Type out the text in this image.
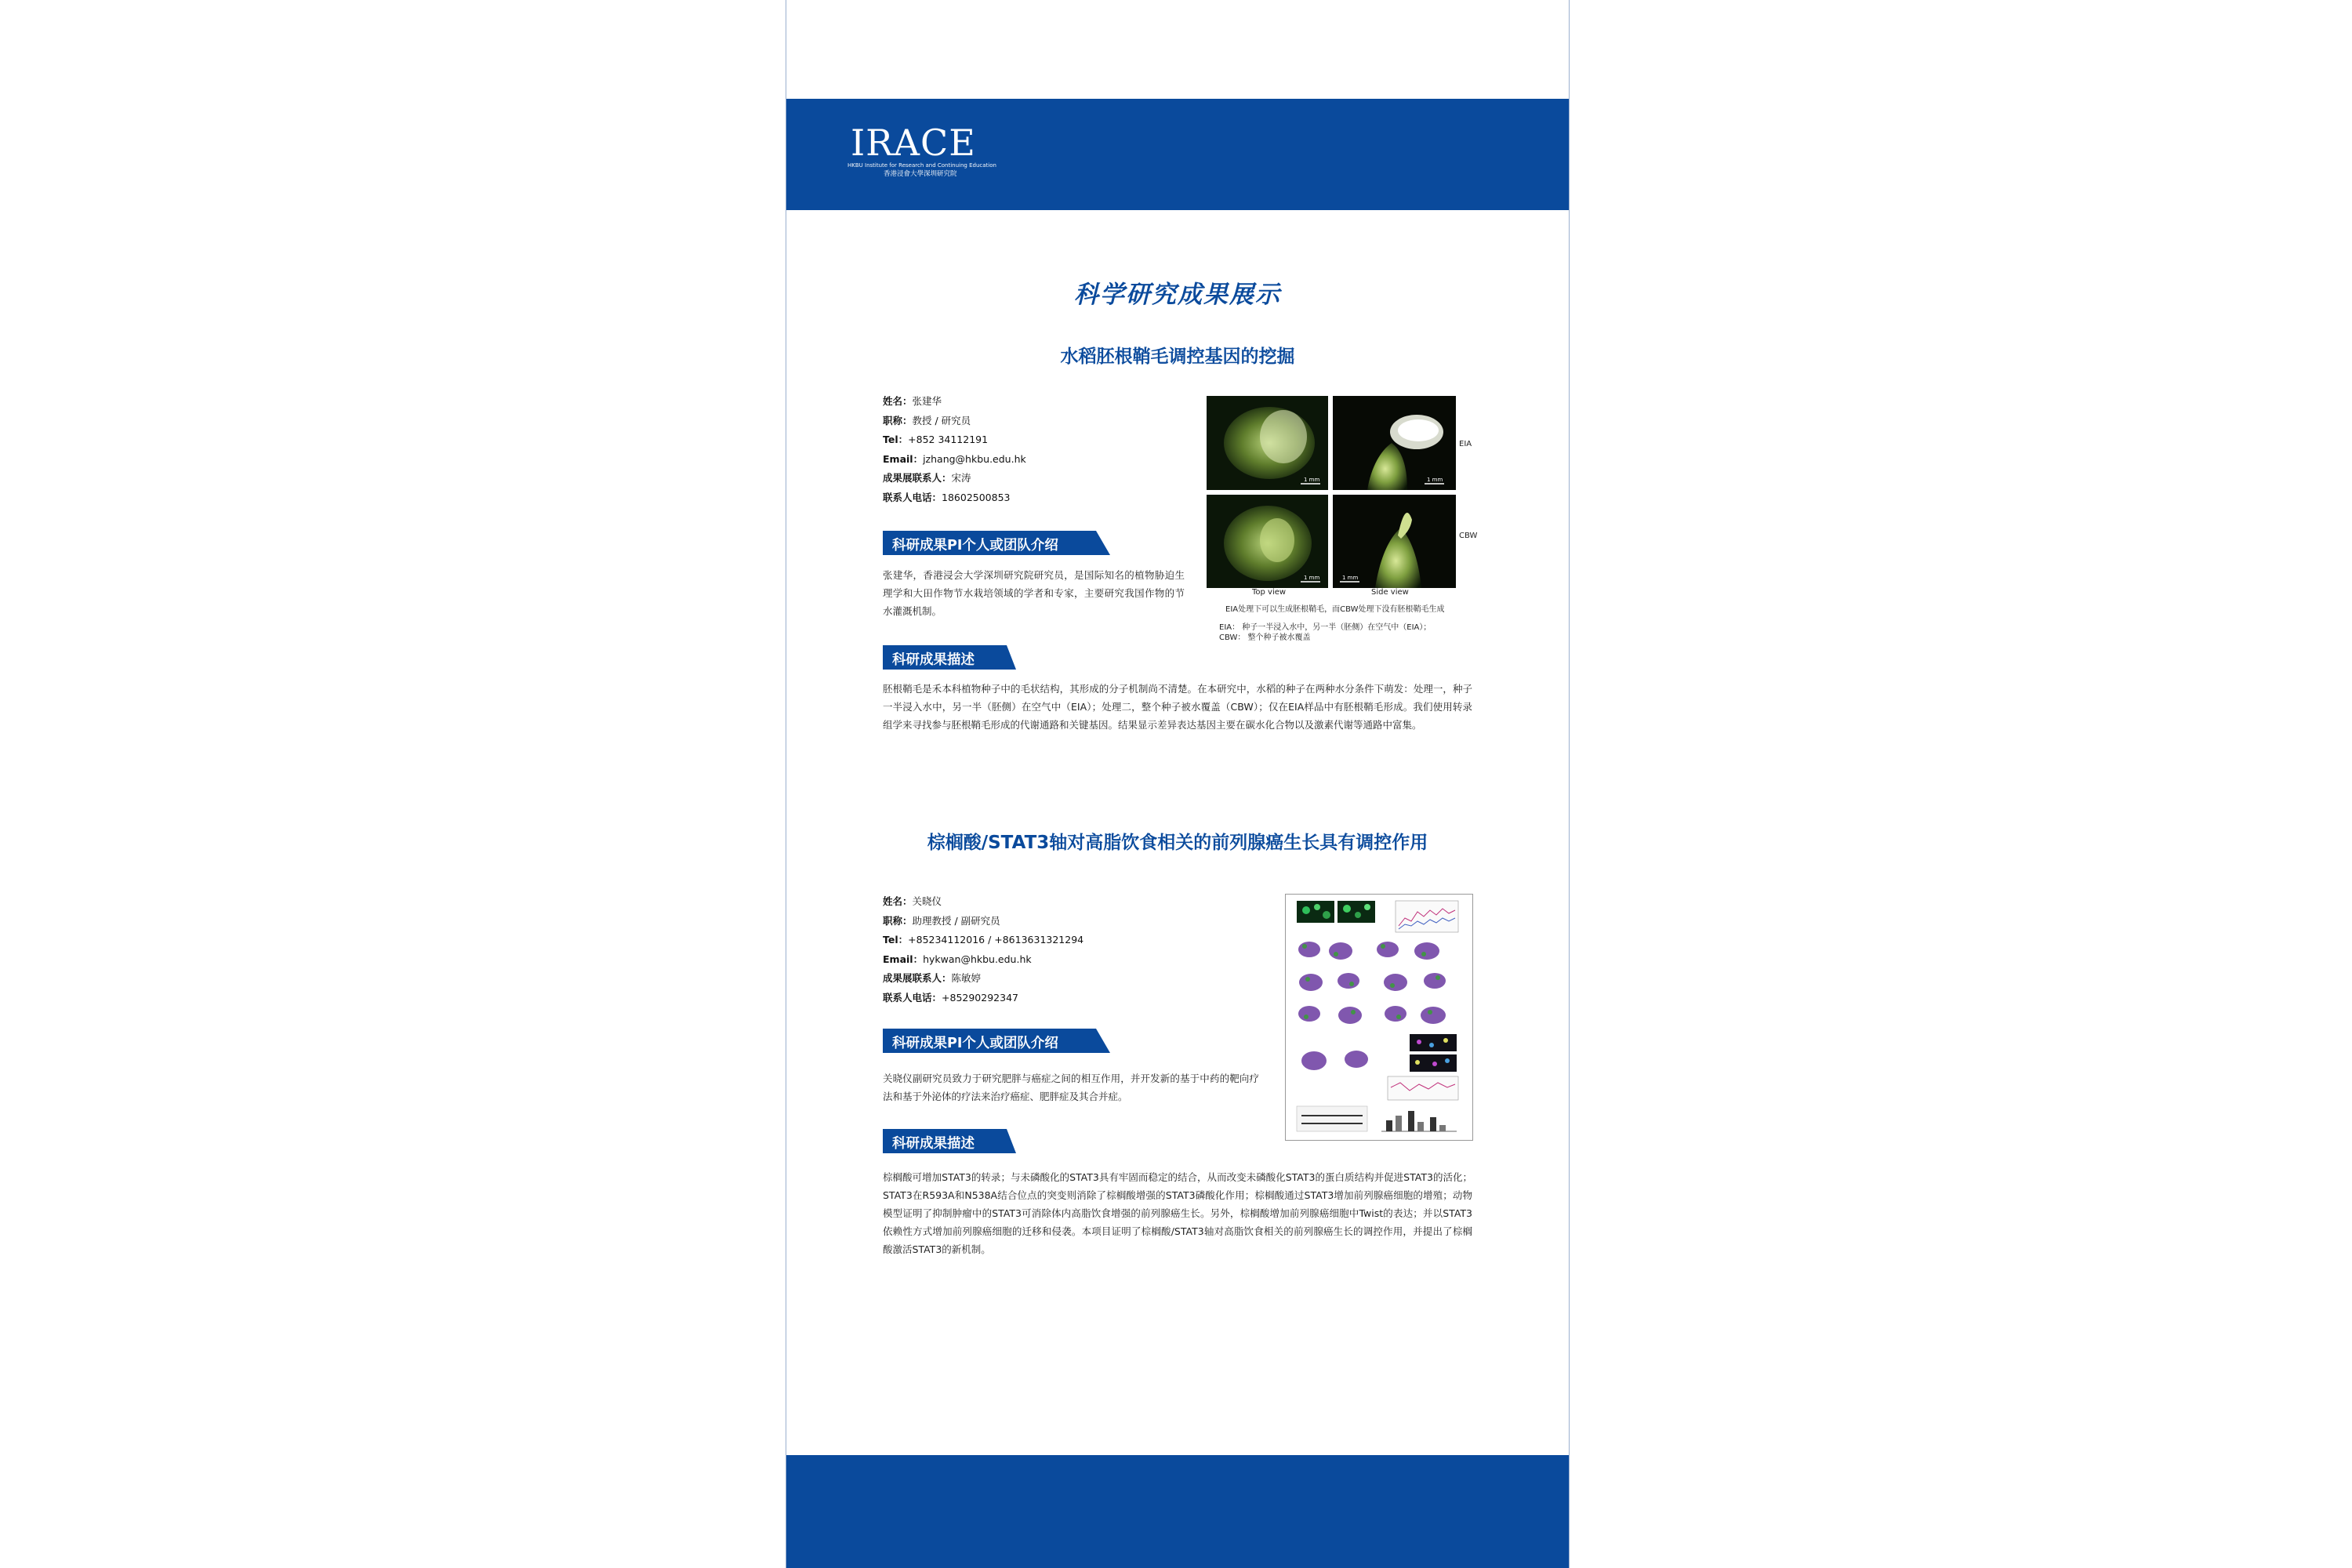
IRACE
HKBU Institute for Research and Continuing Education
香港浸會大學深圳研究院
科学研究成果展示
水稻胚根鞘毛调控基因的挖掘
姓名：张建华
职称：教授 / 研究员
Tel：+852 34112191
Email：jzhang@hkbu.edu.hk
成果展联系人：宋涛
联系人电话：18602500853
科研成果PI个人或团队介绍
张建华，香港浸会大学深圳研究院研究员，是国际知名的植物胁迫生理学和大田作物节水栽培领域的学者和专家，主要研究我国作物的节水灌溉机制。
科研成果描述
胚根鞘毛是禾本科植物种子中的毛状结构，其形成的分子机制尚不清楚。在本研究中，水稻的种子在两种水分条件下萌发：处理一，种子一半浸入水中，另一半（胚侧）在空气中（EIA）；处理二，整个种子被水覆盖（CBW）；仅在EIA样品中有胚根鞘毛形成。我们使用转录组学来寻找参与胚根鞘毛形成的代谢通路和关键基因。结果显示差异表达基因主要在碳水化合物以及激素代谢等通路中富集。
1 mm	1 mm
1 mm	1 mm
EIA
CBW
Top view	Side view
EIA处理下可以生成胚根鞘毛，而CBW处理下没有胚根鞘毛生成
EIA： 种子一半浸入水中，另一半（胚侧）在空气中（EIA）；
CBW： 整个种子被水覆盖
棕榈酸/STAT3轴对高脂饮食相关的前列腺癌生长具有调控作用
姓名：关晓仪
职称：助理教授 / 副研究员
Tel：+85234112016 / +8613631321294
Email：hykwan@hkbu.edu.hk
成果展联系人：陈敏婷
联系人电话：+85290292347
科研成果PI个人或团队介绍
关晓仪副研究员致力于研究肥胖与癌症之间的相互作用，并开发新的基于中药的靶向疗法和基于外泌体的疗法来治疗癌症、肥胖症及其合并症。
科研成果描述
棕榈酸可增加STAT3的转录；与未磷酸化的STAT3具有牢固而稳定的结合，从而改变未磷酸化STAT3的蛋白质结构并促进STAT3的活化；STAT3在R593A和N538A结合位点的突变则消除了棕榈酸增强的STAT3磷酸化作用；棕榈酸通过STAT3增加前列腺癌细胞的增殖；动物模型证明了抑制肿瘤中的STAT3可消除体内高脂饮食增强的前列腺癌生长。另外，棕榈酸增加前列腺癌细胞中Twist的表达；并以STAT3依赖性方式增加前列腺癌细胞的迁移和侵袭。本项目证明了棕榈酸/STAT3轴对高脂饮食相关的前列腺癌生长的调控作用，并提出了棕榈酸激活STAT3的新机制。
